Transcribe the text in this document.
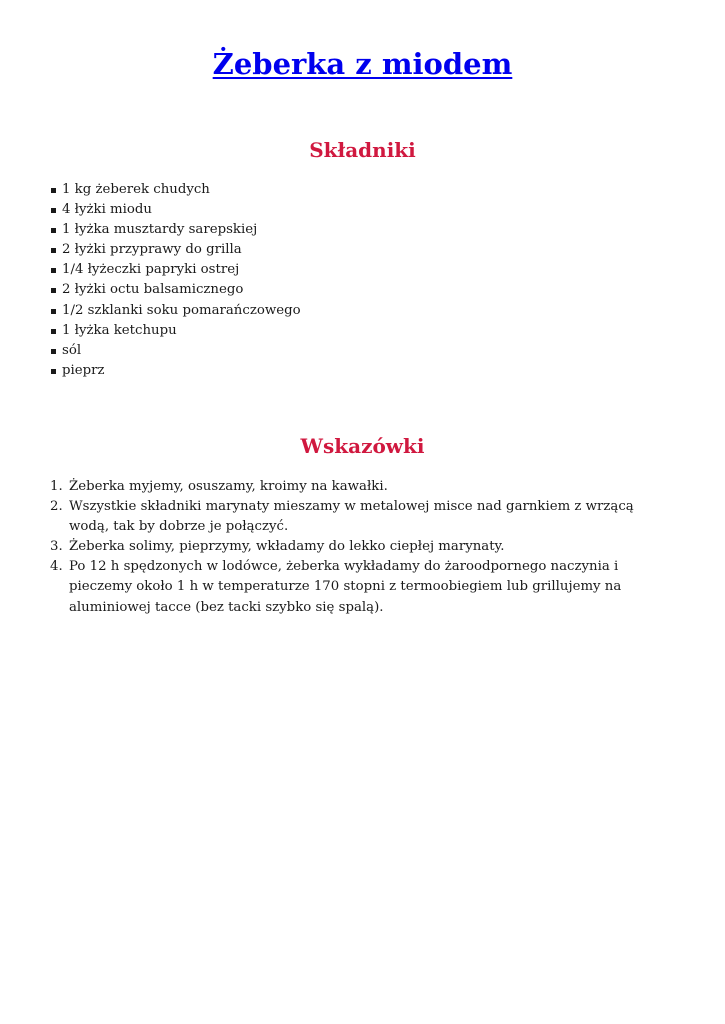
Żeberka z miodem
Składniki
1 kg żeberek chudych
4 łyżki miodu
1 łyżka musztardy sarepskiej
2 łyżki przyprawy do grilla
1/4 łyżeczki papryki ostrej
2 łyżki octu balsamicznego
1/2 szklanki soku pomarańczowego
1 łyżka ketchupu
sól
pieprz
Wskazówki
1. Żeberka myjemy, osuszamy, kroimy na kawałki.
2. Wszystkie składniki marynaty mieszamy w metalowej misce nad garnkiem z wrzącą wodą, tak by dobrze je połączyć.
3. Żeberka solimy, pieprzymy, wkładamy do lekko ciepłej marynaty.
4. Po 12 h spędzonych w lodówce, żeberka wykładamy do żaroodpornego naczynia i pieczemy około 1 h w temperaturze 170 stopni z termoobiegiem lub grillujemy na aluminiowej tacce (bez tacki szybko się spalą).
